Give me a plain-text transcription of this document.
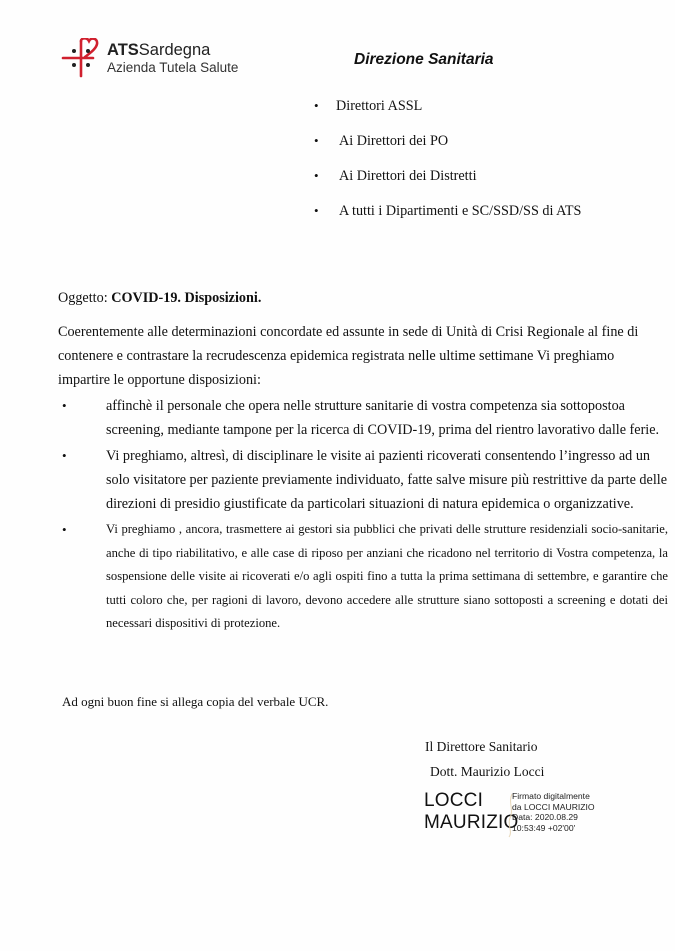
ATSSardegna
Azienda Tutela Salute	Direzione Sanitaria
• Direttori ASSL
• Ai Direttori dei PO
• Ai Direttori dei Distretti
• A tutti i Dipartimenti e SC/SSD/SS di ATS
Oggetto: COVID-19. Disposizioni.
Coerentemente alle determinazioni concordate ed assunte in sede di Unità di Crisi Regionale al fine di contenere e contrastare la recrudescenza epidemica registrata nelle ultime settimane Vi preghiamo impartire le opportune disposizioni:
•	affinchè il personale che opera nelle strutture sanitarie di vostra competenza sia sottopostoa screening, mediante tampone per la ricerca di COVID-19, prima del rientro lavorativo dalle ferie.
•	Vi preghiamo, altresì, di disciplinare le visite ai pazienti ricoverati consentendo l’ingresso ad un solo visitatore per paziente previamente individuato, fatte salve misure più restrittive da parte delle direzioni di presidio giustificate da particolari situazioni di natura epidemica o organizzative.
•	Vi preghiamo , ancora, trasmettere ai gestori sia pubblici che privati delle strutture residenziali socio-sanitarie, anche di tipo riabilitativo, e alle case di riposo per anziani che ricadono nel territorio di Vostra competenza, la sospensione delle visite ai ricoverati e/o agli ospiti fino a tutta la prima settimana di settembre, e garantire che tutti coloro che, per ragioni di lavoro, devono accedere alle strutture siano sottoposti a screening e dotati dei necessari dispositivi di protezione.
Ad ogni buon fine si allega copia del verbale UCR.
Il Direttore Sanitario
Dott. Maurizio Locci
LOCCI
MAURIZIO
Firmato digitalmente
da LOCCI MAURIZIO
Data: 2020.08.29
10:53:49 +02'00'
